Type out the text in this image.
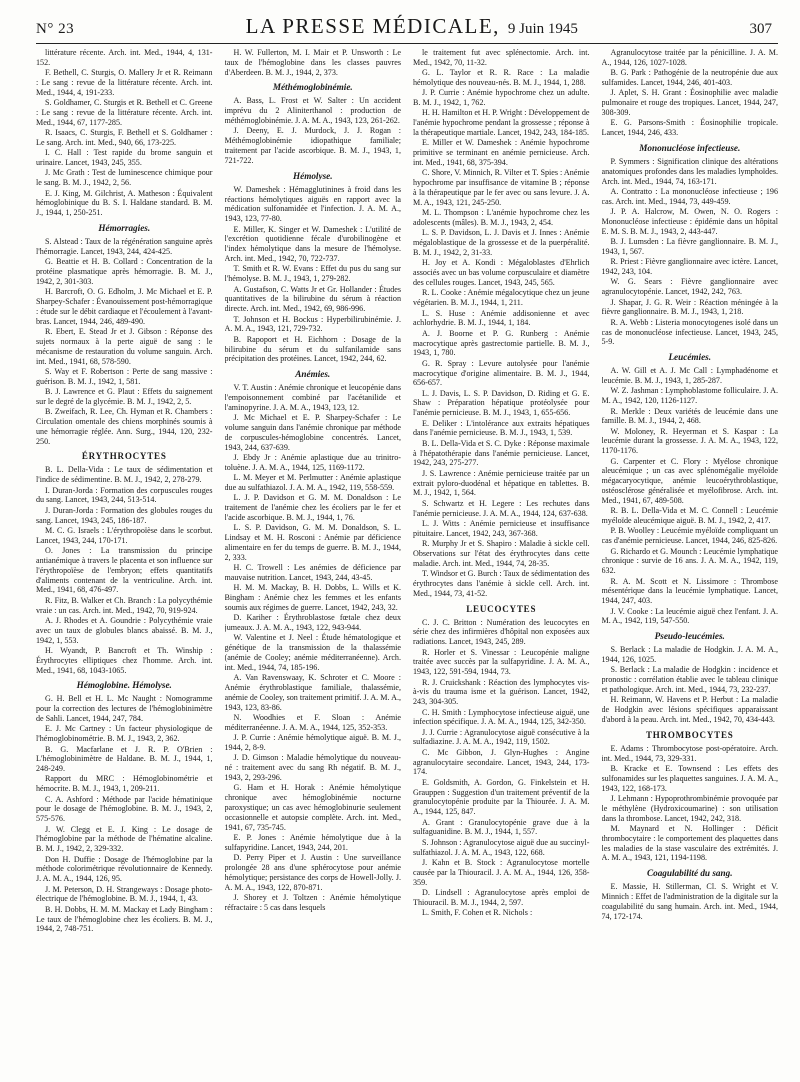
N° 23	LA PRESSE MÉDICALE, 9 Juin 1945	307

littérature récente. Arch. int. Med., 1944, 4, 131-152.

F. Bethell, C. Sturgis, O. Mallery Jr et R. Reimann : Le sang : revue de la littérature récente. Arch. int. Med., 1944, 4, 191-233.

S. Goldhamer, C. Sturgis et R. Bethell et C. Greene : Le sang : revue de la littérature récente. Arch. int. Med., 1944, 67, 1177-285.

R. Isaacs, C. Sturgis, F. Bethell et S. Goldhamer : Le sang. Arch. int. Med., 940, 66, 173-225.

I. C. Hall : Test rapide du brome sanguin et urinaire. Lancet, 1943, 245, 355.

J. Mc Grath : Test de luminescence chimique pour le sang. B. M. J., 1942, 2, 56.

E. J. King, M. Gilchrist, A. Matheson : Équivalent hémoglobinique du B. S. I. Haldane standard. B. M. J., 1944, 1, 250-251.

Hémorragies.

S. Alstead : Taux de la régénération sanguine après l'hémorragie. Lancet, 1943, 244, 424-425.

G. Beattie et H. B. Collard : Concentration de la protéine plasmatique après hémorragie. B. M. J., 1942, 2, 301-303.

H. Barcroft, O. G. Edholm, J. Mc Michael et E. P. Sharpey-Schafer : Évanouissement post-hémorragique : étude sur le débit cardiaque et l'écoulement à l'avant-bras. Lancet, 1944, 246, 489-490.

R. Ebert, E. Stead Jr et J. Gibson : Réponse des sujets normaux à la perte aiguë de sang : le mécanisme de restauration du volume sanguin. Arch. int. Med., 1941, 68, 578-590.

S. Way et F. Robertson : Perte de sang massive : guérison. B. M. J., 1942, 1, 581.

B. J. Lawrence et G. Plaut : Effets du saignement sur le degré de la glycémie. B. M. J., 1942, 2, 5.

B. Zweifach, R. Lee, Ch. Hyman et R. Chambers : Circulation omentale des chiens morphinés soumis à une hémorragie réglée. Ann. Surg., 1944, 120, 232-250.

ÉRYTHROCYTES

B. L. Della-Vida : Le taux de sédimentation et l'indice de sédimentine. B. M. J., 1942, 2, 278-279.

I. Duran-Jorda : Formation des corpuscules rouges du sang. Lancet, 1943, 244, 513-514.

J. Duran-Jorda : Formation des globules rouges du sang. Lancet, 1943, 245, 186-187.

M. C. G. Israels : L'érythropoïèse dans le scorbut. Lancet, 1943, 244, 170-171.

O. Jones : La transmission du principe antianémique à travers le placenta et son influence sur l'érythropoïèse de l'embryon; effets quantitatifs d'aliments contenant de la ventriculine. Arch. int. Med., 1941, 68, 476-497.

R. Fitz, B. Walker et Ch. Branch : La polycythémie vraie : un cas. Arch. int. Med., 1942, 70, 919-924.

A. J. Rhodes et A. Goundrie : Polycythémie vraie avec un taux de globules blancs abaissé. B. M. J., 1942, 1, 553.

H. Wyandt, P. Bancroft et Th. Winship : Érythrocytes elliptiques chez l'homme. Arch. int. Med., 1941, 68, 1043-1065.

Hémoglobine. Hémolyse.

G. H. Bell et H. L. Mc Naught : Nomogramme pour la correction des lectures de l'hémoglobinimètre de Sahli. Lancet, 1944, 247, 784.

E. J. Mc Cartney : Un facteur physiologique de l'hémoglobinométrie. B. M. J., 1943, 2, 362.

B. G. Macfarlane et J. R. P. O'Brien : L'hémoglobinimètre de Haldane. B. M. J., 1944, 1, 248-249.

Rapport du MRC : Hémoglobinométrie et hémocrite. B. M. J., 1943, 1, 209-211.

C. A. Ashford : Méthode par l'acide hématinique pour le dosage de l'hémoglobine. B. M. J., 1943, 2, 575-576.

J. W. Clegg et E. J. King : Le dosage de l'hémoglobine par la méthode de l'hématine alcaline. B. M. J., 1942, 2, 329-332.

Don H. Duffie : Dosage de l'hémoglobine par la méthode colorimétrique révolutionnaire de Kennedy. J. A. M. A., 1944, 126, 95.

J. M. Peterson, D. H. Strangeways : Dosage photo-électrique de l'hémoglobine. B. M. J., 1944, 1, 43.

B. H. Dobbs, H. M. M. Mackay et Lady Bingham : Le taux de l'hémoglobine chez les écoliers. B. M. J., 1944, 2, 748-751.

H. W. Fullerton, M. I. Mair et P. Unsworth : Le taux de l'hémoglobine dans les classes pauvres d'Aberdeen. B. M. J., 1944, 2, 373.

Méthémoglobinémie.

A. Bass, L. Frost et W. Salter : Un accident imprévu du 2 Aliniterthanol : production de méthémoglobinémie. J. A. M. A., 1943, 123, 261-262.

J. Deeny, E. J. Murdock, J. J. Rogan : Méthémoglobinémie idiopathique familiale; traitement par l'acide ascorbique. B. M. J., 1943, 1, 721-722.

Hémolyse.

W. Dameshek : Hémagglutinines à froid dans les réactions hémolytiques aiguës en rapport avec la médication sulfonamidée et l'infection. J. A. M. A., 1943, 123, 77-80.

E. Miller, K. Singer et W. Dameshek : L'utilité de l'excrétion quotidienne fécale d'urobilinogène et l'index hémolytique dans la mesure de l'hémolyse. Arch. int. Med., 1942, 70, 722-737.

T. Smith et R. W. Evans : Effet du pus du sang sur l'hémolyse. B. M. J., 1943, 1, 279-282.

A. Gustafson, C. Watts Jr et Gr. Hollander : Études quantitatives de la bilirubine du sérum à réaction directe. Arch. int. Med., 1942, 69, 986-996.

T. Johnson et H. Bockus : Hyperbilirubinémie. J. A. M. A., 1943, 121, 729-732.

B. Rapoport et H. Eichhorn : Dosage de la bilirubine du sérum et du sulfanilamide sans précipitation des protéines. Lancet, 1942, 244, 62.

Anémies.

V. T. Austin : Anémie chronique et leucopénie dans l'empoisonnement combiné par l'acétanilide et l'aminopyrine. J. A. M. A., 1943, 123, 12.

J. Mc Michael et E. P. Sharpey-Schafer : Le volume sanguin dans l'anémie chronique par méthode de corpuscules-hémoglobine concentrés. Lancet, 1943, 244, 637-639.

J. Ebdy Jr : Anémie aplastique due au trinitro-toluène. J. A. M. A., 1944, 125, 1169-1172.

L. M. Meyer et M. Perlmutter : Anémie aplastique due au sulfathiazol. J. A. M. A., 1942, 119, 558-559.

L. J. P. Davidson et G. M. M. Donaldson : Le traitement de l'anémie chez les écoliers par le fer et l'acide ascorbique. B. M. J., 1944, 1, 76.

L. S. P. Davidson, G. M. M. Donaldson, S. L. Lindsay et M. H. Rosconi : Anémie par déficience alimentaire en fer du temps de guerre. B. M. J., 1944, 2, 333.

H. C. Trowell : Les anémies de déficience par mauvaise nutrition. Lancet, 1943, 244, 43-45.

H. M. M. Mackay, B. H. Dobbs, L. Wills et K. Bingham : Anémie chez les femmes et les enfants soumis aux régimes de guerre. Lancet, 1942, 243, 32.

D. Kariher : Érythroblastose fœtale chez deux jumeaux. J. A. M. A., 1943, 122, 943-944.

W. Valentine et J. Neel : Étude hématologique et génétique de la transmission de la thalassémie (anémie de Cooley; anémie méditerranéenne). Arch. int. Med., 1944, 74, 185-196.

A. Van Ravenswaay, K. Schroter et C. Moore : Anémie érythroblastique familiale, thalassémie, anémie de Cooley, son traitement primitif. J. A. M. A., 1943, 123, 83-86.

N. Woodhies et F. Sloan : Anémie méditerranéenne. J. A. M. A., 1944, 125, 352-353.

J. P. Currie : Anémie hémolytique aiguë. B. M. J., 1944, 2, 8-9.

J. D. Gimson : Maladie hémolytique du nouveau-né : traitement avec du sang Rh négatif. B. M. J., 1943, 2, 293-296.

G. Ham et H. Horak : Anémie hémolytique chronique avec hémoglobinémie nocturne paroxystique; un cas avec hémoglobinurie seulement occasionnelle et autopsie complète. Arch. int. Med., 1941, 67, 735-745.

E. P. Jones : Anémie hémolytique due à la sulfapyridine. Lancet, 1943, 244, 201.

D. Perry Piper et J. Austin : Une surveillance prolongée 28 ans d'une sphérocytose pour anémie hémolytique; persistance des corps de Howell-Jolly. J. A. M. A., 1943, 122, 870-871.

J. Shorey et J. Toltzen : Anémie hémolytique réfractaire : 5 cas dans lesquels

le traitement fut avec splénectomie. Arch. int. Med., 1942, 70, 11-32.

G. L. Taylor et R. R. Race : La maladie hémolytique des nouveau-nés. B. M. J., 1944, 1, 288.

J. P. Currie : Anémie hypochrome chez un adulte. B. M. J., 1942, 1, 762.

H. H. Hamilton et H. P. Wright : Développement de l'anémie hypochrome pendant la grossesse ; réponse à la thérapeutique martiale. Lancet, 1942, 243, 184-185.

E. Miller et W. Dameshek : Anémie hypochrome primitive se terminant en anémie pernicieuse. Arch. int. Med., 1941, 68, 375-394.

C. Shore, V. Minnich, R. Vilter et T. Spies : Anémie hypochrome par insuffisance de vitamine B ; réponse à la thérapeutique par le fer avec ou sans levure. J. A. M. A., 1943, 121, 245-250.

M. L. Thompson : L'anémie hypochrome chez les adolescents (mâles). B. M. J., 1943, 2, 454.

L. S. P. Davidson, L. J. Davis et J. Innes : Anémie mégaloblastique de la grossesse et de la puerpéralité. B. M. J., 1942, 2, 31-33.

H. Joy et A. Kondi : Mégaloblastes d'Ehrlich associés avec un bas volume corpusculaire et diamètre des cellules rouges. Lancet, 1943, 245, 565.

R. L. Cooke : Anémie mégalocytique chez un jeune végétarien. B. M. J., 1944, 1, 211.

L. S. Huse : Anémie addisonienne et avec achlorhydrie. B. M. J., 1944, 1, 184.

A. J. Boorne et P. G. Runberg : Anémie macrocytique après gastrectomie partielle. B. M. J., 1943, 1, 780.

G. R. Spray : Levure autolysée pour l'anémie macrocytique d'origine alimentaire. B. M. J., 1944, 656-657.

L. J. Davis, L. S. P. Davidson, D. Riding et G. E. Shaw : Préparation hépatique protéolysée pour l'anémie pernicieuse. B. M. J., 1943, 1, 655-656.

E. Deliker : L'intolérance aux extraits hépatiques dans l'anémie pernicieuse. B. M. J., 1943, 1, 539.

B. L. Della-Vida et S. C. Dyke : Réponse maximale à l'hépatothérapie dans l'anémie pernicieuse. Lancet, 1942, 243, 275-277.

J. S. Lawrence : Anémie pernicieuse traitée par un extrait pyloro-duodénal et hépatique en tablettes. B. M. J., 1942, 1, 564.

S. Schwartz et H. Legere : Les rechutes dans l'anémie pernicieuse. J. A. M. A., 1944, 124, 637-638.

L. J. Witts : Anémie pernicieuse et insuffisance pituitaire. Lancet, 1942, 243, 367-368.

R. Murphy Jr et S. Shapiro : Maladie à sickle cell. Observations sur l'état des érythrocytes dans cette maladie. Arch. int. Med., 1944, 74, 28-35.

T. Windsor et G. Burch : Taux de sédimentation des érythrocytes dans l'anémie à sickle cell. Arch. int. Med., 1944, 73, 41-52.

LEUCOCYTES

C. J. C. Britton : Numération des leucocytes en série chez des infirmières d'hôpital non exposées aux radiations. Lancet, 1943, 245, 289.

R. Horler et S. Vinessar : Leucopénie maligne traitée avec succès par la sulfapyridine. J. A. M. A., 1943, 122, 591-594, 1944, 73.

R. J. Cruickshank : Réaction des lymphocytes vis-à-vis du trauma isme et la guérison. Lancet, 1942, 243, 304-305.

C. H. Smith : Lymphocytose infectieuse aiguë, une infection spécifique. J. A. M. A., 1944, 125, 342-350.

J. J. Currie : Agranulocytose aiguë consécutive à la sulfadiazine. J. A. M. A., 1942, 119, 1502.

C. Mc Gibbon, J. Glyn-Hughes : Angine agranulocytaire secondaire. Lancet, 1943, 244, 173-174.

E. Goldsmith, A. Gordon, G. Finkelstein et H. Grauppen : Suggestion d'un traitement préventif de la granulocytopénie produite par la Thiourée. J. A. M. A., 1944, 125, 847.

A. Grant : Granulocytopénie grave due à la sulfaguanidine. B. M. J., 1944, 1, 557.

S. Johnson : Agranulocytose aiguë due au succinyl-sulfathiazol. J. A. M. A., 1943, 122, 668.

J. Kahn et B. Stock : Agranulocytose mortelle causée par la Thiouracil. J. A. M. A., 1944, 126, 358-359.

D. Lindsell : Agranulocytose après emploi de Thiouracil. B. M. J., 1944, 2, 597.

L. Smith, F. Cohen et R. Nichols :

Agranulocytose traitée par la pénicilline. J. A. M. A., 1944, 126, 1027-1028.

B. G. Park : Pathogénie de la neutropénie due aux sulfamides. Lancet, 1944, 246, 401-403.

J. Aplet, S. H. Grant : Éosinophilie avec maladie pulmonaire et rouge des tropiques. Lancet, 1944, 247, 308-309.

E. G. Parsons-Smith : Éosinophilie tropicale. Lancet, 1944, 246, 433.

Mononucléose infectieuse.

P. Symmers : Signification clinique des altérations anatomiques profondes dans les maladies lymphoïdes. Arch. int. Med., 1944, 74, 163-171.

A. Contratto : La mononucléose infectieuse ; 196 cas. Arch. int. Med., 1944, 73, 449-459.

J. P. A. Halcrow, M. Owen, N. O. Rogers : Mononucléose infectieuse : épidémie dans un hôpital E. M. S. B. M. J., 1943, 2, 443-447.

B. J. Lumsden : La fièvre ganglionnaire. B. M. J., 1943, 1, 567.

R. Priest : Fièvre ganglionnaire avec ictère. Lancet, 1942, 243, 104.

W. G. Sears : Fièvre ganglionnaire avec agranulocytopénie. Lancet, 1942, 242, 763.

J. Shapar, J. G. R. Weir : Réaction méningée à la fièvre ganglionnaire. B. M. J., 1943, 1, 218.

R. A. Webb : Listeria monocytogenes isolé dans un cas de mononucléose infectieuse. Lancet, 1943, 245, 5-9.

Leucémies.

A. W. Gill et A. J. Mc Call : Lymphadénome et leucémie. B. M. J., 1943, 1, 285-287.

W. Z. Jashman : Lymphoblastome folliculaire. J. A. M. A., 1942, 120, 1126-1127.

R. Merkle : Deux variétés de leucémie dans une famille. B. M. J., 1944, 2, 468.

W. Moloney, R. Heyerman et S. Kaspar : La leucémie durant la grossesse. J. A. M. A., 1943, 122, 1170-1176.

G. Carpenter et C. Flory : Myélose chronique aleucémique ; un cas avec splénomégalie myéloïde mégacaryocytique, anémie leucoérythroblastique, ostéosclérose généralisée et myélofibrose. Arch. int. Med., 1941, 67, 489-508.

R. B. L. Della-Vida et M. C. Connell : Leucémie myéloïde aleucémique aiguë. B. M. J., 1942, 2, 417.

P. B. Woolley : Leucémie myéloïde compliquant un cas d'anémie pernicieuse. Lancet, 1944, 246, 825-826.

G. Richardo et G. Mounch : Leucémie lymphatique chronique : survie de 16 ans. J. A. M. A., 1942, 119, 632.

R. A. M. Scott et N. Lissimore : Thrombose mésentérique dans la leucémie lymphatique. Lancet, 1944, 247, 403.

J. V. Cooke : La leucémie aiguë chez l'enfant. J. A. M. A., 1942, 119, 547-550.

Pseudo-leucémies.

S. Berlack : La maladie de Hodgkin. J. A. M. A., 1944, 126, 1025.

S. Berlack : La maladie de Hodgkin : incidence et pronostic : corrélation établie avec le tableau clinique et pathologique. Arch. int. Med., 1944, 73, 232-237.

H. Reimann, W. Havens et P. Herbut : La maladie de Hodgkin avec lésions spécifiques apparaissant d'abord à la peau. Arch. int. Med., 1942, 70, 434-443.

THROMBOCYTES

E. Adams : Thrombocytose post-opératoire. Arch. int. Med., 1944, 73, 329-331.

B. Kracke et E. Townsend : Les effets des sulfonamides sur les plaquettes sanguines. J. A. M. A., 1943, 122, 168-173.

J. Lehmann : Hypoprothrombinémie provoquée par le méthylène (Hydroxicoumarine) : son utilisation dans la thrombose. Lancet, 1942, 242, 318.

M. Maynard et N. Hollinger : Déficit thrombocytaire : le comportement des plaquettes dans les maladies de la stase vasculaire des extrémités. J. A. M. A., 1943, 121, 1194-1198.

Coagulabilité du sang.

E. Massie, H. Stillerman, Cl. S. Wright et V. Minnich : Effet de l'administration de la digitale sur la coagulabilité du sang humain. Arch. int. Med., 1944, 74, 172-174.
